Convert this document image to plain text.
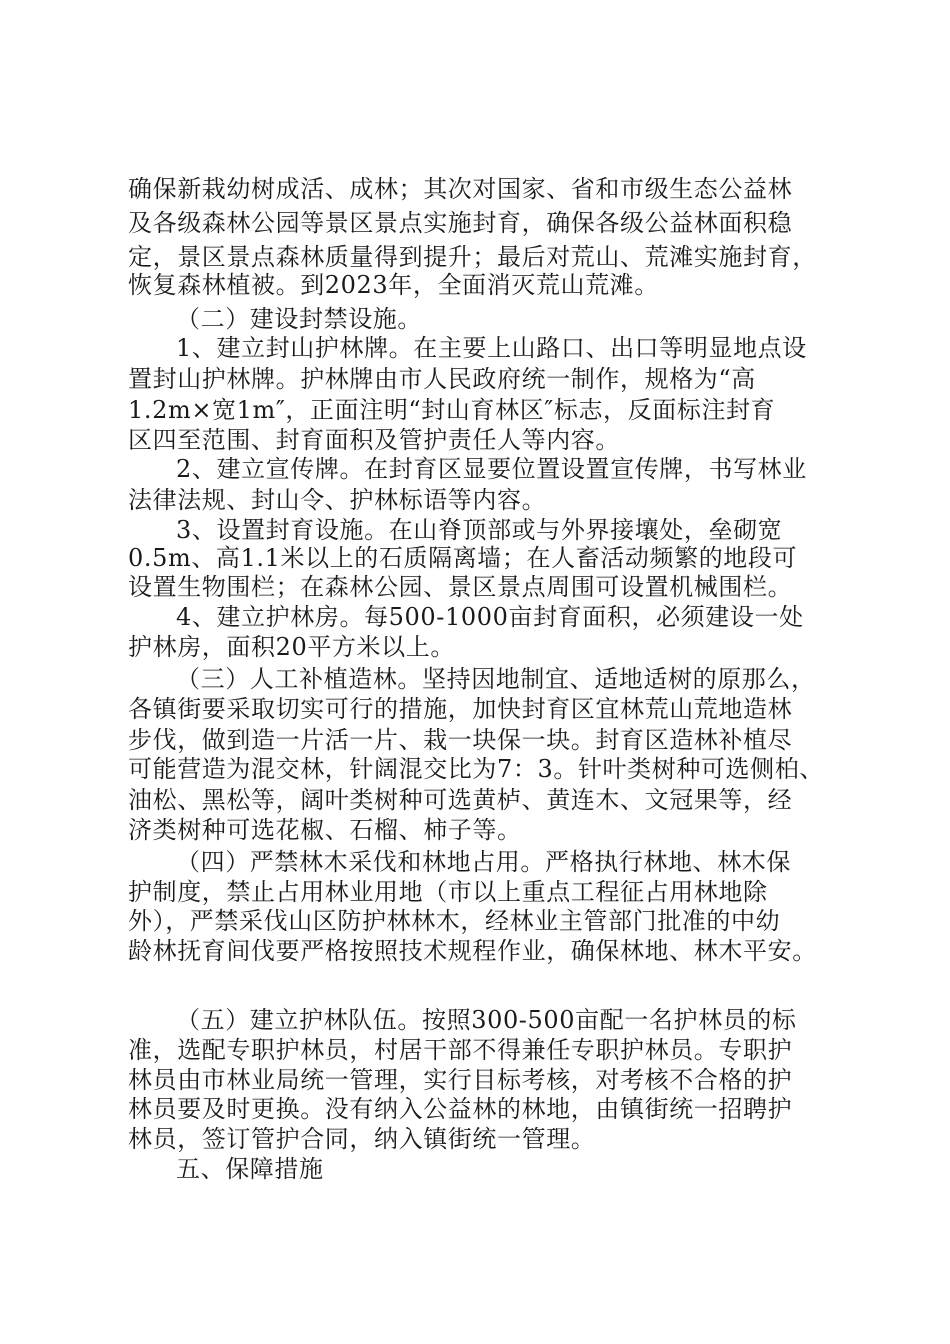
确保新栽幼树成活、成林；其次对国家、省和市级生态公益林
及各级森林公园等景区景点实施封育，确保各级公益林面积稳
定，景区景点森林质量得到提升；最后对荒山、荒滩实施封育，
恢复森林植被。到2023年，全面消灭荒山荒滩。
（二）建设封禁设施。
1、建立封山护林牌。在主要上山路口、出口等明显地点设
置封山护林牌。护林牌由市人民政府统一制作，规格为“高
1.2m×宽1m″，正面注明“封山育林区″标志，反面标注封育
区四至范围、封育面积及管护责任人等内容。
2、建立宣传牌。在封育区显要位置设置宣传牌，书写林业
法律法规、封山令、护林标语等内容。
3、设置封育设施。在山脊顶部或与外界接壤处，垒砌宽
0.5m、高1.1米以上的石质隔离墙；在人畜活动频繁的地段可
设置生物围栏；在森林公园、景区景点周围可设置机械围栏。
4、建立护林房。每500-1000亩封育面积，必须建设一处
护林房，面积20平方米以上。
（三）人工补植造林。坚持因地制宜、适地适树的原那么，
各镇街要采取切实可行的措施，加快封育区宜林荒山荒地造林
步伐，做到造一片活一片、栽一块保一块。封育区造林补植尽
可能营造为混交林，针阔混交比为7：3。针叶类树种可选侧柏、
油松、黑松等，阔叶类树种可选黄栌、黄连木、文冠果等，经
济类树种可选花椒、石榴、柿子等。
（四）严禁林木采伐和林地占用。严格执行林地、林木保
护制度，禁止占用林业用地（市以上重点工程征占用林地除
外），严禁采伐山区防护林林木，经林业主管部门批准的中幼
龄林抚育间伐要严格按照技术规程作业，确保林地、林木平安。
（五）建立护林队伍。按照300-500亩配一名护林员的标
准，选配专职护林员，村居干部不得兼任专职护林员。专职护
林员由市林业局统一管理，实行目标考核，对考核不合格的护
林员要及时更换。没有纳入公益林的林地，由镇街统一招聘护
林员，签订管护合同，纳入镇街统一管理。
五、保障措施
